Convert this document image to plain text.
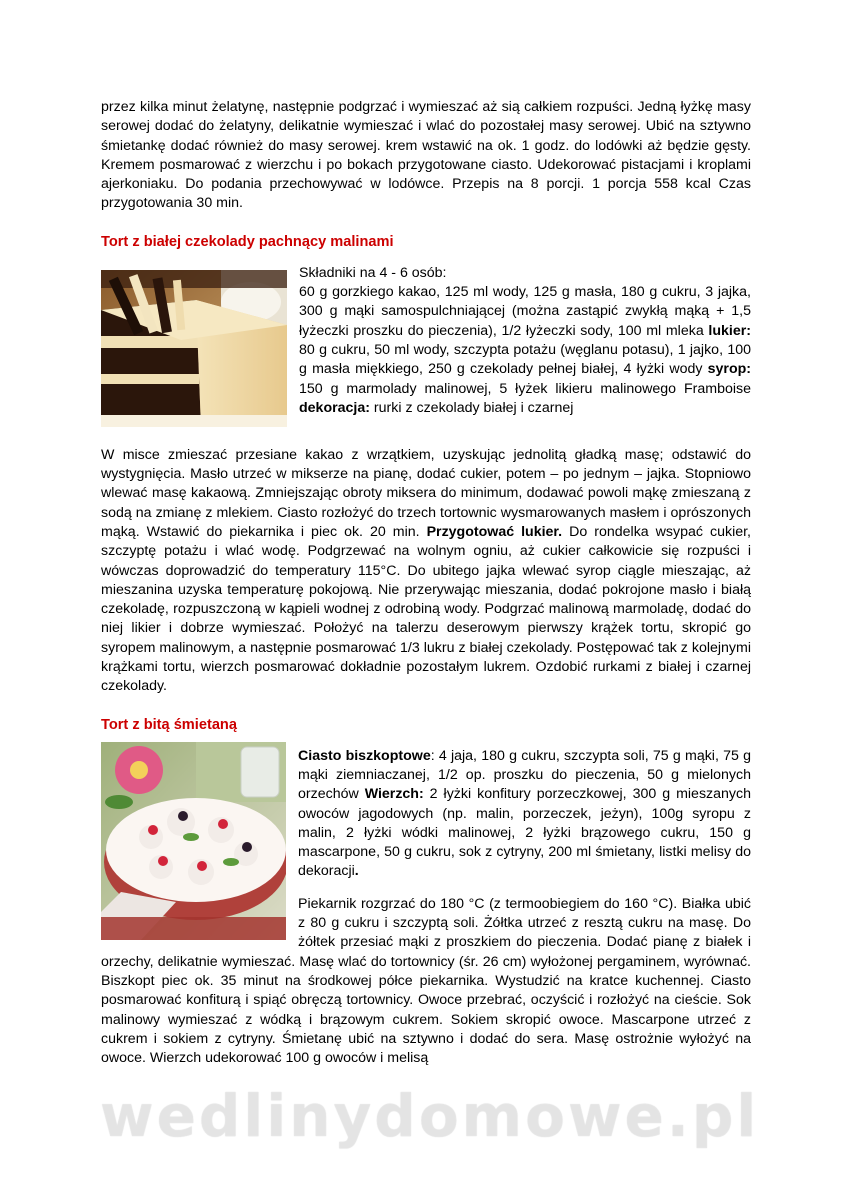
przez kilka minut żelatynę, następnie podgrzać i wymieszać aż sią całkiem rozpuści. Jedną łyżkę masy serowej dodać do żelatyny, delikatnie wymieszać i wlać do pozostałej masy serowej. Ubić na sztywno śmietankę dodać również do masy serowej. krem wstawić na ok. 1 godz. do lodówki aż będzie gęsty. Kremem posmarować z wierzchu i po bokach przygotowane ciasto. Udekorować pistacjami i kroplami ajerkoniaku. Do podania przechowywać w lodówce. Przepis na 8 porcji. 1 porcja 558 kcal Czas przygotowania 30 min.

Tort z białej czekolady pachnący malinami

Składniki na 4 - 6 osób:
60 g gorzkiego kakao, 125 ml wody, 125 g masła, 180 g cukru, 3 jajka, 300 g mąki samospulchniającej (można zastąpić zwykłą mąką + 1,5 łyżeczki proszku do pieczenia), 1/2 łyżeczki sody, 100 ml mleka lukier: 80 g cukru, 50 ml wody, szczypta potażu (węglanu potasu), 1 jajko, 100 g masła miękkiego, 250 g czekolady pełnej białej, 4 łyżki wody syrop: 150 g marmolady malinowej, 5 łyżek likieru malinowego Framboise dekoracja: rurki z czekolady białej i czarnej

W misce zmieszać przesiane kakao z wrzątkiem, uzyskując jednolitą gładką masę; odstawić do wystygnięcia. Masło utrzeć w mikserze na pianę, dodać cukier, potem – po jednym – jajka. Stopniowo wlewać masę kakaową. Zmniejszając obroty miksera do minimum, dodawać powoli mąkę zmieszaną z sodą na zmianę z mlekiem. Ciasto rozłożyć do trzech tortownic wysmarowanych masłem i oprószonych mąką. Wstawić do piekarnika i piec ok. 20 min. Przygotować lukier. Do rondelka wsypać cukier, szczyptę potażu i wlać wodę. Podgrzewać na wolnym ogniu, aż cukier całkowicie się rozpuści i wówczas doprowadzić do temperatury 115°C. Do ubitego jajka wlewać syrop ciągle mieszając, aż mieszanina uzyska temperaturę pokojową. Nie przerywając mieszania, dodać pokrojone masło i białą czekoladę, rozpuszczoną w kąpieli wodnej z odrobiną wody. Podgrzać malinową marmoladę, dodać do niej likier i dobrze wymieszać. Położyć na talerzu deserowym pierwszy krążek tortu, skropić go syropem malinowym, a następnie posmarować 1/3 lukru z białej czekolady. Postępować tak z kolejnymi krążkami tortu, wierzch posmarować dokładnie pozostałym lukrem. Ozdobić rurkami z białej i czarnej czekolady.

Tort z bitą śmietaną

Ciasto biszkoptowe: 4 jaja, 180 g cukru, szczypta soli, 75 g mąki, 75 g mąki ziemniaczanej, 1/2 op. proszku do pieczenia, 50 g mielonych orzechów Wierzch: 2 łyżki konfitury porzeczkowej, 300 g mieszanych owoców jagodowych (np. malin, porzeczek, jeżyn), 100g syropu z malin, 2 łyżki wódki malinowej, 2 łyżki brązowego cukru, 150 g mascarpone, 50 g cukru, sok z cytryny, 200 ml śmietany, listki melisy do dekoracji.
Piekarnik rozgrzać do 180 °C (z termoobiegiem do 160 °C). Białka ubić z 80 g cukru i szczyptą soli. Żółtka utrzeć z resztą cukru na masę. Do żółtek przesiać mąki z proszkiem do pieczenia. Dodać pianę z białek i orzechy, delikatnie wymieszać. Masę wlać do tortownicy (śr. 26 cm) wyłożonej pergaminem, wyrównać. Biszkopt piec ok. 35 minut na środkowej półce piekarnika. Wystudzić na kratce kuchennej. Ciasto posmarować konfiturą i spiąć obręczą tortownicy. Owoce przebrać, oczyścić i rozłożyć na cieście. Sok malinowy wymieszać z wódką i brązowym cukrem. Sokiem skropić owoce. Mascarpone utrzeć z cukrem i sokiem z cytryny. Śmietanę ubić na sztywno i dodać do sera. Masę ostrożnie wyłożyć na owoce. Wierzch udekorować 100 g owoców i melisą
wedlinydomowe.pl
